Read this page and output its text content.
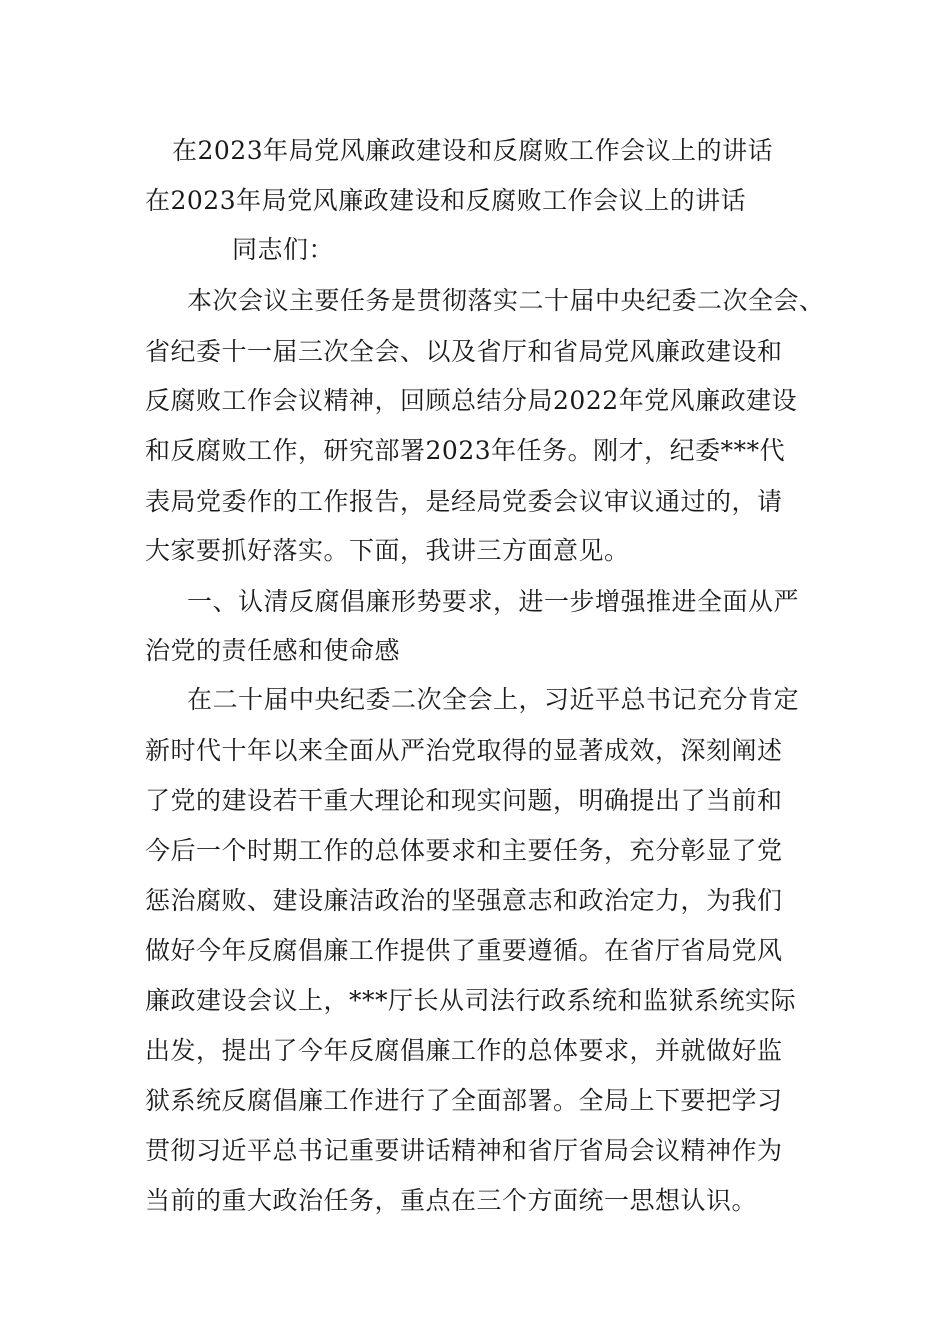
在2023年局党风廉政建设和反腐败工作会议上的讲话
在2023年局党风廉政建设和反腐败工作会议上的讲话
同志们：
本次会议主要任务是贯彻落实二十届中央纪委二次全会、
省纪委十一届三次全会、以及省厅和省局党风廉政建设和
反腐败工作会议精神，回顾总结分局2022年党风廉政建设
和反腐败工作，研究部署2023年任务。刚才，纪委***代
表局党委作的工作报告，是经局党委会议审议通过的，请
大家要抓好落实。下面，我讲三方面意见。
一、认清反腐倡廉形势要求，进一步增强推进全面从严
治党的责任感和使命感
在二十届中央纪委二次全会上，习近平总书记充分肯定
新时代十年以来全面从严治党取得的显著成效，深刻阐述
了党的建设若干重大理论和现实问题，明确提出了当前和
今后一个时期工作的总体要求和主要任务，充分彰显了党
惩治腐败、建设廉洁政治的坚强意志和政治定力，为我们
做好今年反腐倡廉工作提供了重要遵循。在省厅省局党风
廉政建设会议上，***厅长从司法行政系统和监狱系统实际
出发，提出了今年反腐倡廉工作的总体要求，并就做好监
狱系统反腐倡廉工作进行了全面部署。全局上下要把学习
贯彻习近平总书记重要讲话精神和省厅省局会议精神作为
当前的重大政治任务，重点在三个方面统一思想认识。
